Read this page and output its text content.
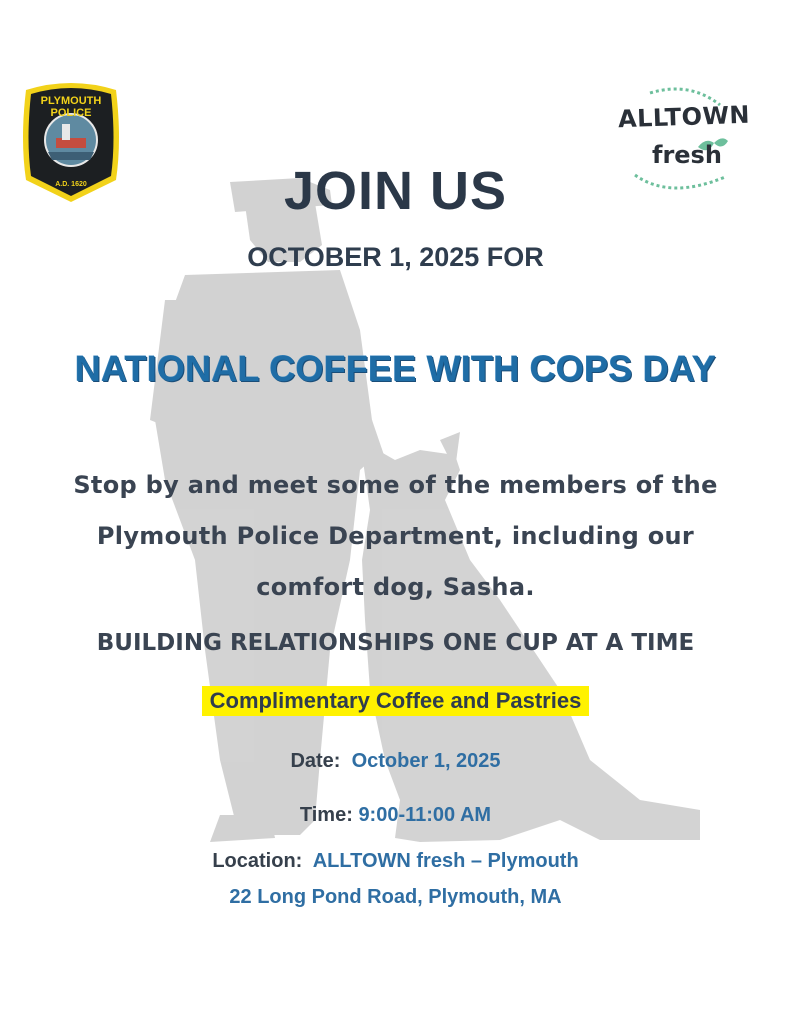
PLYMOUTH
POLICE
A.D. 1620
ALLTOWN
fresh
JOIN US
OCTOBER 1, 2025 FOR
NATIONAL COFFEE WITH COPS DAY
Stop by and meet some of the members of the Plymouth Police Department, including our comfort dog, Sasha.
BUILDING RELATIONSHIPS ONE CUP AT A TIME
Complimentary Coffee and Pastries
Date: October 1, 2025
Time: 9:00-11:00 AM
Location: ALLTOWN fresh – Plymouth
22 Long Pond Road, Plymouth, MA
